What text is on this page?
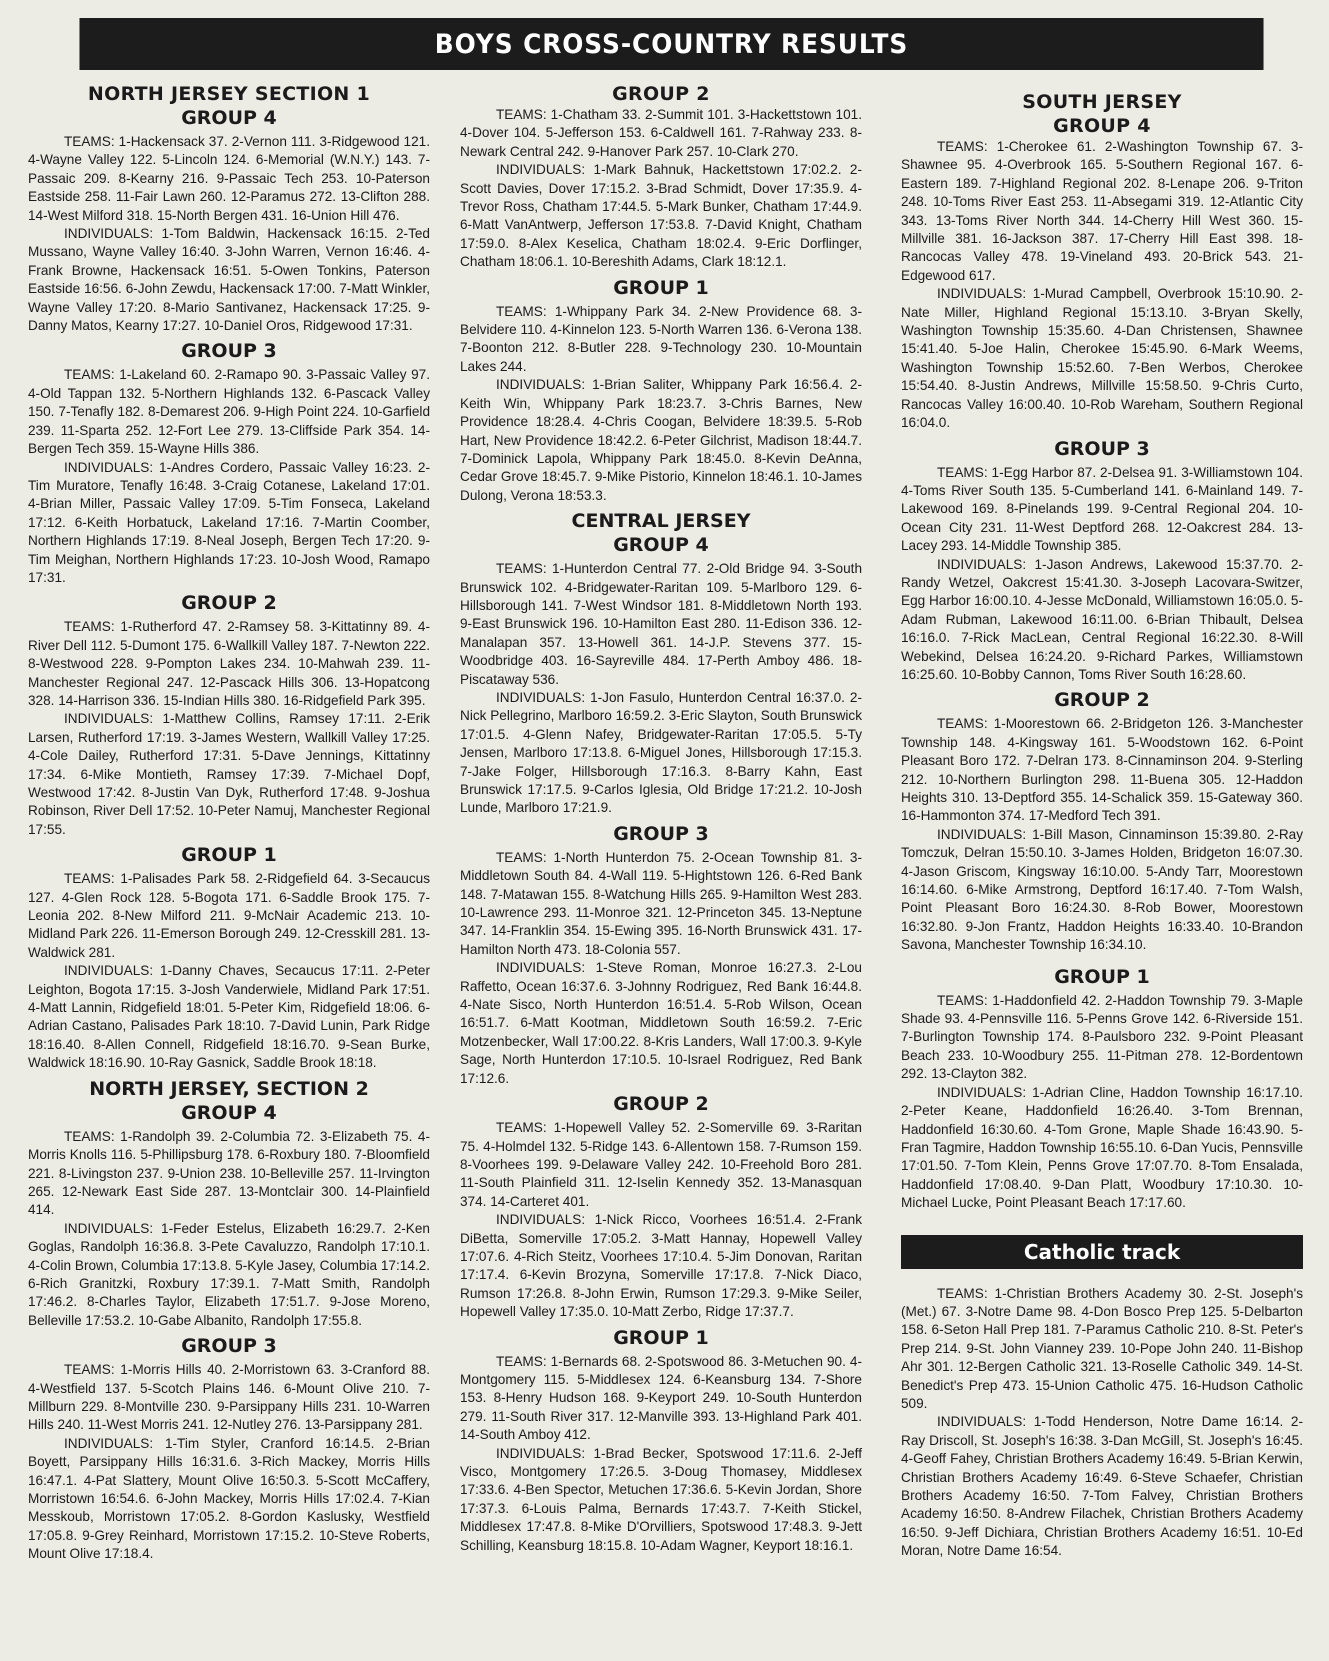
BOYS CROSS-COUNTRY RESULTS
NORTH JERSEY SECTION 1
GROUP 4

TEAMS: 1-Hackensack 37. 2-Vernon 111. 3-Ridgewood 121. 4-Wayne Valley 122. 5-Lincoln 124. 6-Memorial (W.N.Y.) 143. 7-Passaic 209. 8-Kearny 216. 9-Passaic Tech 253. 10-Paterson Eastside 258. 11-Fair Lawn 260. 12-Paramus 272. 13-Clifton 288. 14-West Milford 318. 15-North Bergen 431. 16-Union Hill 476.

INDIVIDUALS: 1-Tom Baldwin, Hackensack 16:15. 2-Ted Mussano, Wayne Valley 16:40. 3-John Warren, Vernon 16:46. 4-Frank Browne, Hackensack 16:51. 5-Owen Tonkins, Paterson Eastside 16:56. 6-John Zewdu, Hackensack 17:00. 7-Matt Winkler, Wayne Valley 17:20. 8-Mario Santivanez, Hackensack 17:25. 9-Danny Matos, Kearny 17:27. 10-Daniel Oros, Ridgewood 17:31.

GROUP 3

TEAMS: 1-Lakeland 60. 2-Ramapo 90. 3-Passaic Valley 97. 4-Old Tappan 132. 5-Northern Highlands 132. 6-Pascack Valley 150. 7-Tenafly 182. 8-Demarest 206. 9-High Point 224. 10-Garfield 239. 11-Sparta 252. 12-Fort Lee 279. 13-Cliffside Park 354. 14-Bergen Tech 359. 15-Wayne Hills 386.

INDIVIDUALS: 1-Andres Cordero, Passaic Valley 16:23. 2-Tim Muratore, Tenafly 16:48. 3-Craig Cotanese, Lakeland 17:01. 4-Brian Miller, Passaic Valley 17:09. 5-Tim Fonseca, Lakeland 17:12. 6-Keith Horbatuck, Lakeland 17:16. 7-Martin Coomber, Northern Highlands 17:19. 8-Neal Joseph, Bergen Tech 17:20. 9-Tim Meighan, Northern Highlands 17:23. 10-Josh Wood, Ramapo 17:31.

GROUP 2

TEAMS: 1-Rutherford 47. 2-Ramsey 58. 3-Kittatinny 89. 4-River Dell 112. 5-Dumont 175. 6-Wallkill Valley 187. 7-Newton 222. 8-Westwood 228. 9-Pompton Lakes 234. 10-Mahwah 239. 11-Manchester Regional 247. 12-Pascack Hills 306. 13-Hopatcong 328. 14-Harrison 336. 15-Indian Hills 380. 16-Ridgefield Park 395.

INDIVIDUALS: 1-Matthew Collins, Ramsey 17:11. 2-Erik Larsen, Rutherford 17:19. 3-James Western, Wallkill Valley 17:25. 4-Cole Dailey, Rutherford 17:31. 5-Dave Jennings, Kittatinny 17:34. 6-Mike Montieth, Ramsey 17:39. 7-Michael Dopf, Westwood 17:42. 8-Justin Van Dyk, Rutherford 17:48. 9-Joshua Robinson, River Dell 17:52. 10-Peter Namuj, Manchester Regional 17:55.

GROUP 1

TEAMS: 1-Palisades Park 58. 2-Ridgefield 64. 3-Secaucus 127. 4-Glen Rock 128. 5-Bogota 171. 6-Saddle Brook 175. 7-Leonia 202. 8-New Milford 211. 9-McNair Academic 213. 10-Midland Park 226. 11-Emerson Borough 249. 12-Cresskill 281. 13-Waldwick 281.

INDIVIDUALS: 1-Danny Chaves, Secaucus 17:11. 2-Peter Leighton, Bogota 17:15. 3-Josh Vanderwiele, Midland Park 17:51. 4-Matt Lannin, Ridgefield 18:01. 5-Peter Kim, Ridgefield 18:06. 6-Adrian Castano, Palisades Park 18:10. 7-David Lunin, Park Ridge 18:16.40. 8-Allen Connell, Ridgefield 18:16.70. 9-Sean Burke, Waldwick 18:16.90. 10-Ray Gasnick, Saddle Brook 18:18.

NORTH JERSEY, SECTION 2
GROUP 4

TEAMS: 1-Randolph 39. 2-Columbia 72. 3-Elizabeth 75. 4-Morris Knolls 116. 5-Phillipsburg 178. 6-Roxbury 180. 7-Bloomfield 221. 8-Livingston 237. 9-Union 238. 10-Belleville 257. 11-Irvington 265. 12-Newark East Side 287. 13-Montclair 300. 14-Plainfield 414.

INDIVIDUALS: 1-Feder Estelus, Elizabeth 16:29.7. 2-Ken Goglas, Randolph 16:36.8. 3-Pete Cavaluzzo, Randolph 17:10.1. 4-Colin Brown, Columbia 17:13.8. 5-Kyle Jasey, Columbia 17:14.2. 6-Rich Granitzki, Roxbury 17:39.1. 7-Matt Smith, Randolph 17:46.2. 8-Charles Taylor, Elizabeth 17:51.7. 9-Jose Moreno, Belleville 17:53.2. 10-Gabe Albanito, Randolph 17:55.8.

GROUP 3

TEAMS: 1-Morris Hills 40. 2-Morristown 63. 3-Cranford 88. 4-Westfield 137. 5-Scotch Plains 146. 6-Mount Olive 210. 7-Millburn 229. 8-Montville 230. 9-Parsippany Hills 231. 10-Warren Hills 240. 11-West Morris 241. 12-Nutley 276. 13-Parsippany 281.

INDIVIDUALS: 1-Tim Styler, Cranford 16:14.5. 2-Brian Boyett, Parsippany Hills 16:31.6. 3-Rich Mackey, Morris Hills 16:47.1. 4-Pat Slattery, Mount Olive 16:50.3. 5-Scott McCaffery, Morristown 16:54.6. 6-John Mackey, Morris Hills 17:02.4. 7-Kian Messkoub, Morristown 17:05.2. 8-Gordon Kaslusky, Westfield 17:05.8. 9-Grey Reinhard, Morristown 17:15.2. 10-Steve Roberts, Mount Olive 17:18.4.

GROUP 2

TEAMS: 1-Chatham 33. 2-Summit 101. 3-Hackettstown 101. 4-Dover 104. 5-Jefferson 153. 6-Caldwell 161. 7-Rahway 233. 8-Newark Central 242. 9-Hanover Park 257. 10-Clark 270.

INDIVIDUALS: 1-Mark Bahnuk, Hackettstown 17:02.2. 2-Scott Davies, Dover 17:15.2. 3-Brad Schmidt, Dover 17:35.9. 4-Trevor Ross, Chatham 17:44.5. 5-Mark Bunker, Chatham 17:44.9. 6-Matt VanAntwerp, Jefferson 17:53.8. 7-David Knight, Chatham 17:59.0. 8-Alex Keselica, Chatham 18:02.4. 9-Eric Dorflinger, Chatham 18:06.1. 10-Bereshith Adams, Clark 18:12.1.

GROUP 1

TEAMS: 1-Whippany Park 34. 2-New Providence 68. 3-Belvidere 110. 4-Kinnelon 123. 5-North Warren 136. 6-Verona 138. 7-Boonton 212. 8-Butler 228. 9-Technology 230. 10-Mountain Lakes 244.

INDIVIDUALS: 1-Brian Saliter, Whippany Park 16:56.4. 2-Keith Win, Whippany Park 18:23.7. 3-Chris Barnes, New Providence 18:28.4. 4-Chris Coogan, Belvidere 18:39.5. 5-Rob Hart, New Providence 18:42.2. 6-Peter Gilchrist, Madison 18:44.7. 7-Dominick Lapola, Whippany Park 18:45.0. 8-Kevin DeAnna, Cedar Grove 18:45.7. 9-Mike Pistorio, Kinnelon 18:46.1. 10-James Dulong, Verona 18:53.3.

CENTRAL JERSEY
GROUP 4

TEAMS: 1-Hunterdon Central 77. 2-Old Bridge 94. 3-South Brunswick 102. 4-Bridgewater-Raritan 109. 5-Marlboro 129. 6-Hillsborough 141. 7-West Windsor 181. 8-Middletown North 193. 9-East Brunswick 196. 10-Hamilton East 280. 11-Edison 336. 12-Manalapan 357. 13-Howell 361. 14-J.P. Stevens 377. 15-Woodbridge 403. 16-Sayreville 484. 17-Perth Amboy 486. 18-Piscataway 536.

INDIVIDUALS: 1-Jon Fasulo, Hunterdon Central 16:37.0. 2-Nick Pellegrino, Marlboro 16:59.2. 3-Eric Slayton, South Brunswick 17:01.5. 4-Glenn Nafey, Bridgewater-Raritan 17:05.5. 5-Ty Jensen, Marlboro 17:13.8. 6-Miguel Jones, Hillsborough 17:15.3. 7-Jake Folger, Hillsborough 17:16.3. 8-Barry Kahn, East Brunswick 17:17.5. 9-Carlos Iglesia, Old Bridge 17:21.2. 10-Josh Lunde, Marlboro 17:21.9.

GROUP 3

TEAMS: 1-North Hunterdon 75. 2-Ocean Township 81. 3-Middletown South 84. 4-Wall 119. 5-Hightstown 126. 6-Red Bank 148. 7-Matawan 155. 8-Watchung Hills 265. 9-Hamilton West 283. 10-Lawrence 293. 11-Monroe 321. 12-Princeton 345. 13-Neptune 347. 14-Franklin 354. 15-Ewing 395. 16-North Brunswick 431. 17-Hamilton North 473. 18-Colonia 557.

INDIVIDUALS: 1-Steve Roman, Monroe 16:27.3. 2-Lou Raffetto, Ocean 16:37.6. 3-Johnny Rodriguez, Red Bank 16:44.8. 4-Nate Sisco, North Hunterdon 16:51.4. 5-Rob Wilson, Ocean 16:51.7. 6-Matt Kootman, Middletown South 16:59.2. 7-Eric Motzenbecker, Wall 17:00.22. 8-Kris Landers, Wall 17:00.3. 9-Kyle Sage, North Hunterdon 17:10.5. 10-Israel Rodriguez, Red Bank 17:12.6.

GROUP 2

TEAMS: 1-Hopewell Valley 52. 2-Somerville 69. 3-Raritan 75. 4-Holmdel 132. 5-Ridge 143. 6-Allentown 158. 7-Rumson 159. 8-Voorhees 199. 9-Delaware Valley 242. 10-Freehold Boro 281. 11-South Plainfield 311. 12-Iselin Kennedy 352. 13-Manasquan 374. 14-Carteret 401.

INDIVIDUALS: 1-Nick Ricco, Voorhees 16:51.4. 2-Frank DiBetta, Somerville 17:05.2. 3-Matt Hannay, Hopewell Valley 17:07.6. 4-Rich Steitz, Voorhees 17:10.4. 5-Jim Donovan, Raritan 17:17.4. 6-Kevin Brozyna, Somerville 17:17.8. 7-Nick Diaco, Rumson 17:26.8. 8-John Erwin, Rumson 17:29.3. 9-Mike Seiler, Hopewell Valley 17:35.0. 10-Matt Zerbo, Ridge 17:37.7.

GROUP 1

TEAMS: 1-Bernards 68. 2-Spotswood 86. 3-Metuchen 90. 4-Montgomery 115. 5-Middlesex 124. 6-Keansburg 134. 7-Shore 153. 8-Henry Hudson 168. 9-Keyport 249. 10-South Hunterdon 279. 11-South River 317. 12-Manville 393. 13-Highland Park 401. 14-South Amboy 412.

INDIVIDUALS: 1-Brad Becker, Spotswood 17:11.6. 2-Jeff Visco, Montgomery 17:26.5. 3-Doug Thomasey, Middlesex 17:33.6. 4-Ben Spector, Metuchen 17:36.6. 5-Kevin Jordan, Shore 17:37.3. 6-Louis Palma, Bernards 17:43.7. 7-Keith Stickel, Middlesex 17:47.8. 8-Mike D'Orvilliers, Spotswood 17:48.3. 9-Jett Schilling, Keansburg 18:15.8. 10-Adam Wagner, Keyport 18:16.1.

SOUTH JERSEY
GROUP 4

TEAMS: 1-Cherokee 61. 2-Washington Township 67. 3-Shawnee 95. 4-Overbrook 165. 5-Southern Regional 167. 6-Eastern 189. 7-Highland Regional 202. 8-Lenape 206. 9-Triton 248. 10-Toms River East 253. 11-Absegami 319. 12-Atlantic City 343. 13-Toms River North 344. 14-Cherry Hill West 360. 15-Millville 381. 16-Jackson 387. 17-Cherry Hill East 398. 18-Rancocas Valley 478. 19-Vineland 493. 20-Brick 543. 21-Edgewood 617.

INDIVIDUALS: 1-Murad Campbell, Overbrook 15:10.90. 2-Nate Miller, Highland Regional 15:13.10. 3-Bryan Skelly, Washington Township 15:35.60. 4-Dan Christensen, Shawnee 15:41.40. 5-Joe Halin, Cherokee 15:45.90. 6-Mark Weems, Washington Township 15:52.60. 7-Ben Werbos, Cherokee 15:54.40. 8-Justin Andrews, Millville 15:58.50. 9-Chris Curto, Rancocas Valley 16:00.40. 10-Rob Wareham, Southern Regional 16:04.0.

GROUP 3

TEAMS: 1-Egg Harbor 87. 2-Delsea 91. 3-Williamstown 104. 4-Toms River South 135. 5-Cumberland 141. 6-Mainland 149. 7-Lakewood 169. 8-Pinelands 199. 9-Central Regional 204. 10-Ocean City 231. 11-West Deptford 268. 12-Oakcrest 284. 13-Lacey 293. 14-Middle Township 385.

INDIVIDUALS: 1-Jason Andrews, Lakewood 15:37.70. 2-Randy Wetzel, Oakcrest 15:41.30. 3-Joseph Lacovara-Switzer, Egg Harbor 16:00.10. 4-Jesse McDonald, Williamstown 16:05.0. 5-Adam Rubman, Lakewood 16:11.00. 6-Brian Thibault, Delsea 16:16.0. 7-Rick MacLean, Central Regional 16:22.30. 8-Will Webekind, Delsea 16:24.20. 9-Richard Parkes, Williamstown 16:25.60. 10-Bobby Cannon, Toms River South 16:28.60.

GROUP 2

TEAMS: 1-Moorestown 66. 2-Bridgeton 126. 3-Manchester Township 148. 4-Kingsway 161. 5-Woodstown 162. 6-Point Pleasant Boro 172. 7-Delran 173. 8-Cinnaminson 204. 9-Sterling 212. 10-Northern Burlington 298. 11-Buena 305. 12-Haddon Heights 310. 13-Deptford 355. 14-Schalick 359. 15-Gateway 360. 16-Hammonton 374. 17-Medford Tech 391.

INDIVIDUALS: 1-Bill Mason, Cinnaminson 15:39.80. 2-Ray Tomczuk, Delran 15:50.10. 3-James Holden, Bridgeton 16:07.30. 4-Jason Griscom, Kingsway 16:10.00. 5-Andy Tarr, Moorestown 16:14.60. 6-Mike Armstrong, Deptford 16:17.40. 7-Tom Walsh, Point Pleasant Boro 16:24.30. 8-Rob Bower, Moorestown 16:32.80. 9-Jon Frantz, Haddon Heights 16:33.40. 10-Brandon Savona, Manchester Township 16:34.10.

GROUP 1

TEAMS: 1-Haddonfield 42. 2-Haddon Township 79. 3-Maple Shade 93. 4-Pennsville 116. 5-Penns Grove 142. 6-Riverside 151. 7-Burlington Township 174. 8-Paulsboro 232. 9-Point Pleasant Beach 233. 10-Woodbury 255. 11-Pitman 278. 12-Bordentown 292. 13-Clayton 382.

INDIVIDUALS: 1-Adrian Cline, Haddon Township 16:17.10. 2-Peter Keane, Haddonfield 16:26.40. 3-Tom Brennan, Haddonfield 16:30.60. 4-Tom Grone, Maple Shade 16:43.90. 5-Fran Tagmire, Haddon Township 16:55.10. 6-Dan Yucis, Pennsville 17:01.50. 7-Tom Klein, Penns Grove 17:07.70. 8-Tom Ensalada, Haddonfield 17:08.40. 9-Dan Platt, Woodbury 17:10.30. 10-Michael Lucke, Point Pleasant Beach 17:17.60.

Catholic track

TEAMS: 1-Christian Brothers Academy 30. 2-St. Joseph's (Met.) 67. 3-Notre Dame 98. 4-Don Bosco Prep 125. 5-Delbarton 158. 6-Seton Hall Prep 181. 7-Paramus Catholic 210. 8-St. Peter's Prep 214. 9-St. John Vianney 239. 10-Pope John 240. 11-Bishop Ahr 301. 12-Bergen Catholic 321. 13-Roselle Catholic 349. 14-St. Benedict's Prep 473. 15-Union Catholic 475. 16-Hudson Catholic 509.

INDIVIDUALS: 1-Todd Henderson, Notre Dame 16:14. 2-Ray Driscoll, St. Joseph's 16:38. 3-Dan McGill, St. Joseph's 16:45. 4-Geoff Fahey, Christian Brothers Academy 16:49. 5-Brian Kerwin, Christian Brothers Academy 16:49. 6-Steve Schaefer, Christian Brothers Academy 16:50. 7-Tom Falvey, Christian Brothers Academy 16:50. 8-Andrew Filachek, Christian Brothers Academy 16:50. 9-Jeff Dichiara, Christian Brothers Academy 16:51. 10-Ed Moran, Notre Dame 16:54.
